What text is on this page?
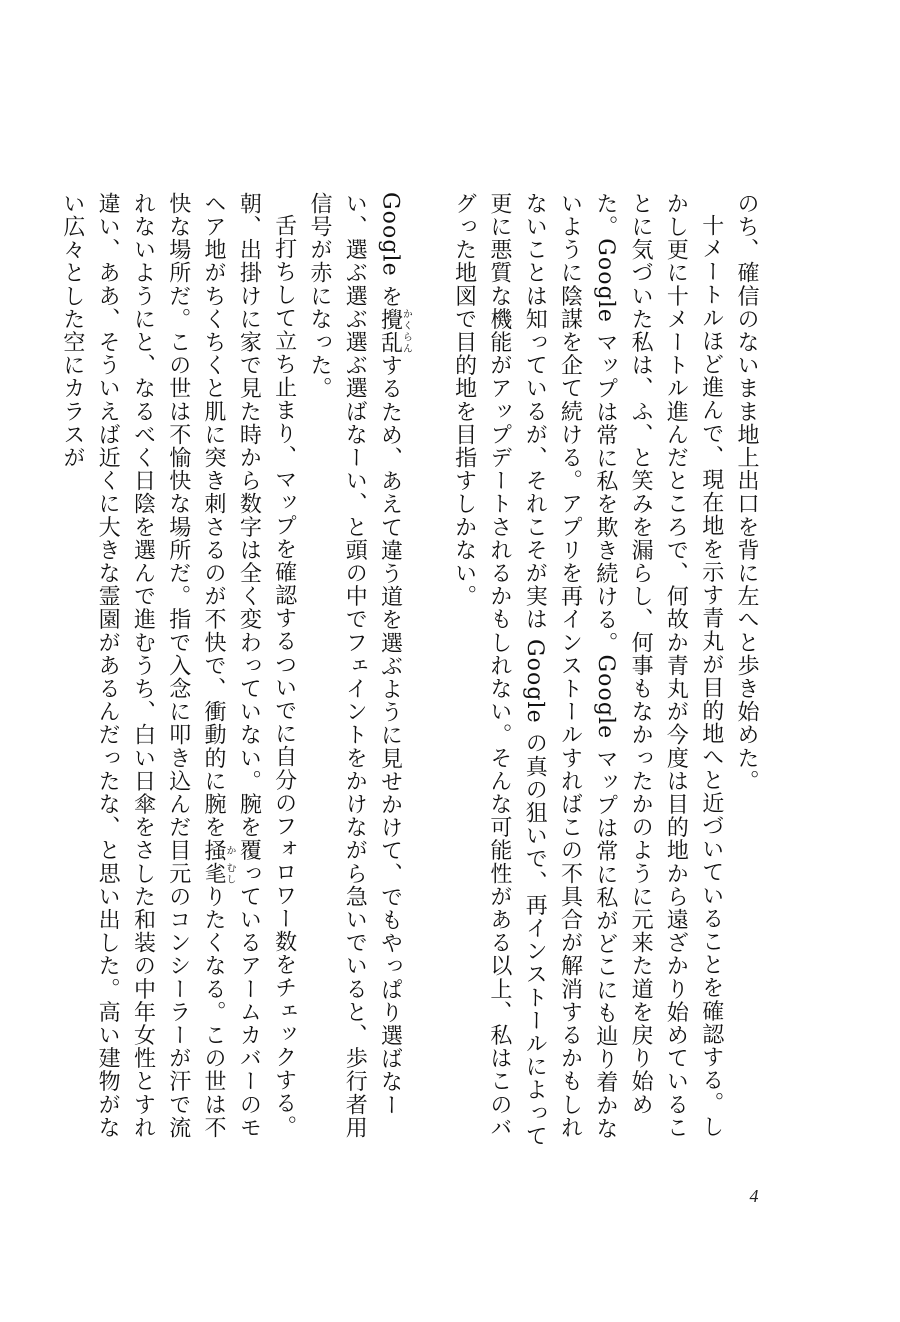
のち、確信のないまま地上出口を背に左へと歩き始めた。

十メートルほど進んで、現在地を示す青丸が目的地へと近づいていることを確認する。しかし更に十メートル進んだところで、何故か青丸が今度は目的地から遠ざかり始めていることに気づいた私は、ふ、と笑みを漏らし、何事もなかったかのように元来た道を戻り始めた。Google マップは常に私を欺き続ける。Google マップは常に私がどこにも辿り着かないように陰謀を企て続ける。アプリを再インストールすればこの不具合が解消するかもしれないことは知っているが、それこそが実は Google の真の狙いで、再インストールによって更に悪質な機能がアップデートされるかもしれない。そんな可能性がある以上、私はこのバグった地図で目的地を目指すしかない。

Google を攪乱かくらんするため、あえて違う道を選ぶように見せかけて、でもやっぱり選ばなーい、選ぶ選ぶ選ぶ選ばなーい、と頭の中でフェイントをかけながら急いでいると、歩行者用信号が赤になった。

舌打ちして立ち止まり、マップを確認するついでに自分のフォロワー数をチェックする。朝、出掛けに家で見た時から数字は全く変わっていない。腕を覆っているアームカバーのモヘア地がちくちくと肌に突き刺さるのが不快で、衝動的に腕を掻か毟むしりたくなる。この世は不快な場所だ。この世は不愉快な場所だ。指で入念に叩き込んだ目元のコンシーラーが汗で流れないようにと、なるべく日陰を選んで進むうち、白い日傘をさした和装の中年女性とすれ違い、ああ、そういえば近くに大きな霊園があるんだったな、と思い出した。高い建物がない広々とした空にカラスが

4
